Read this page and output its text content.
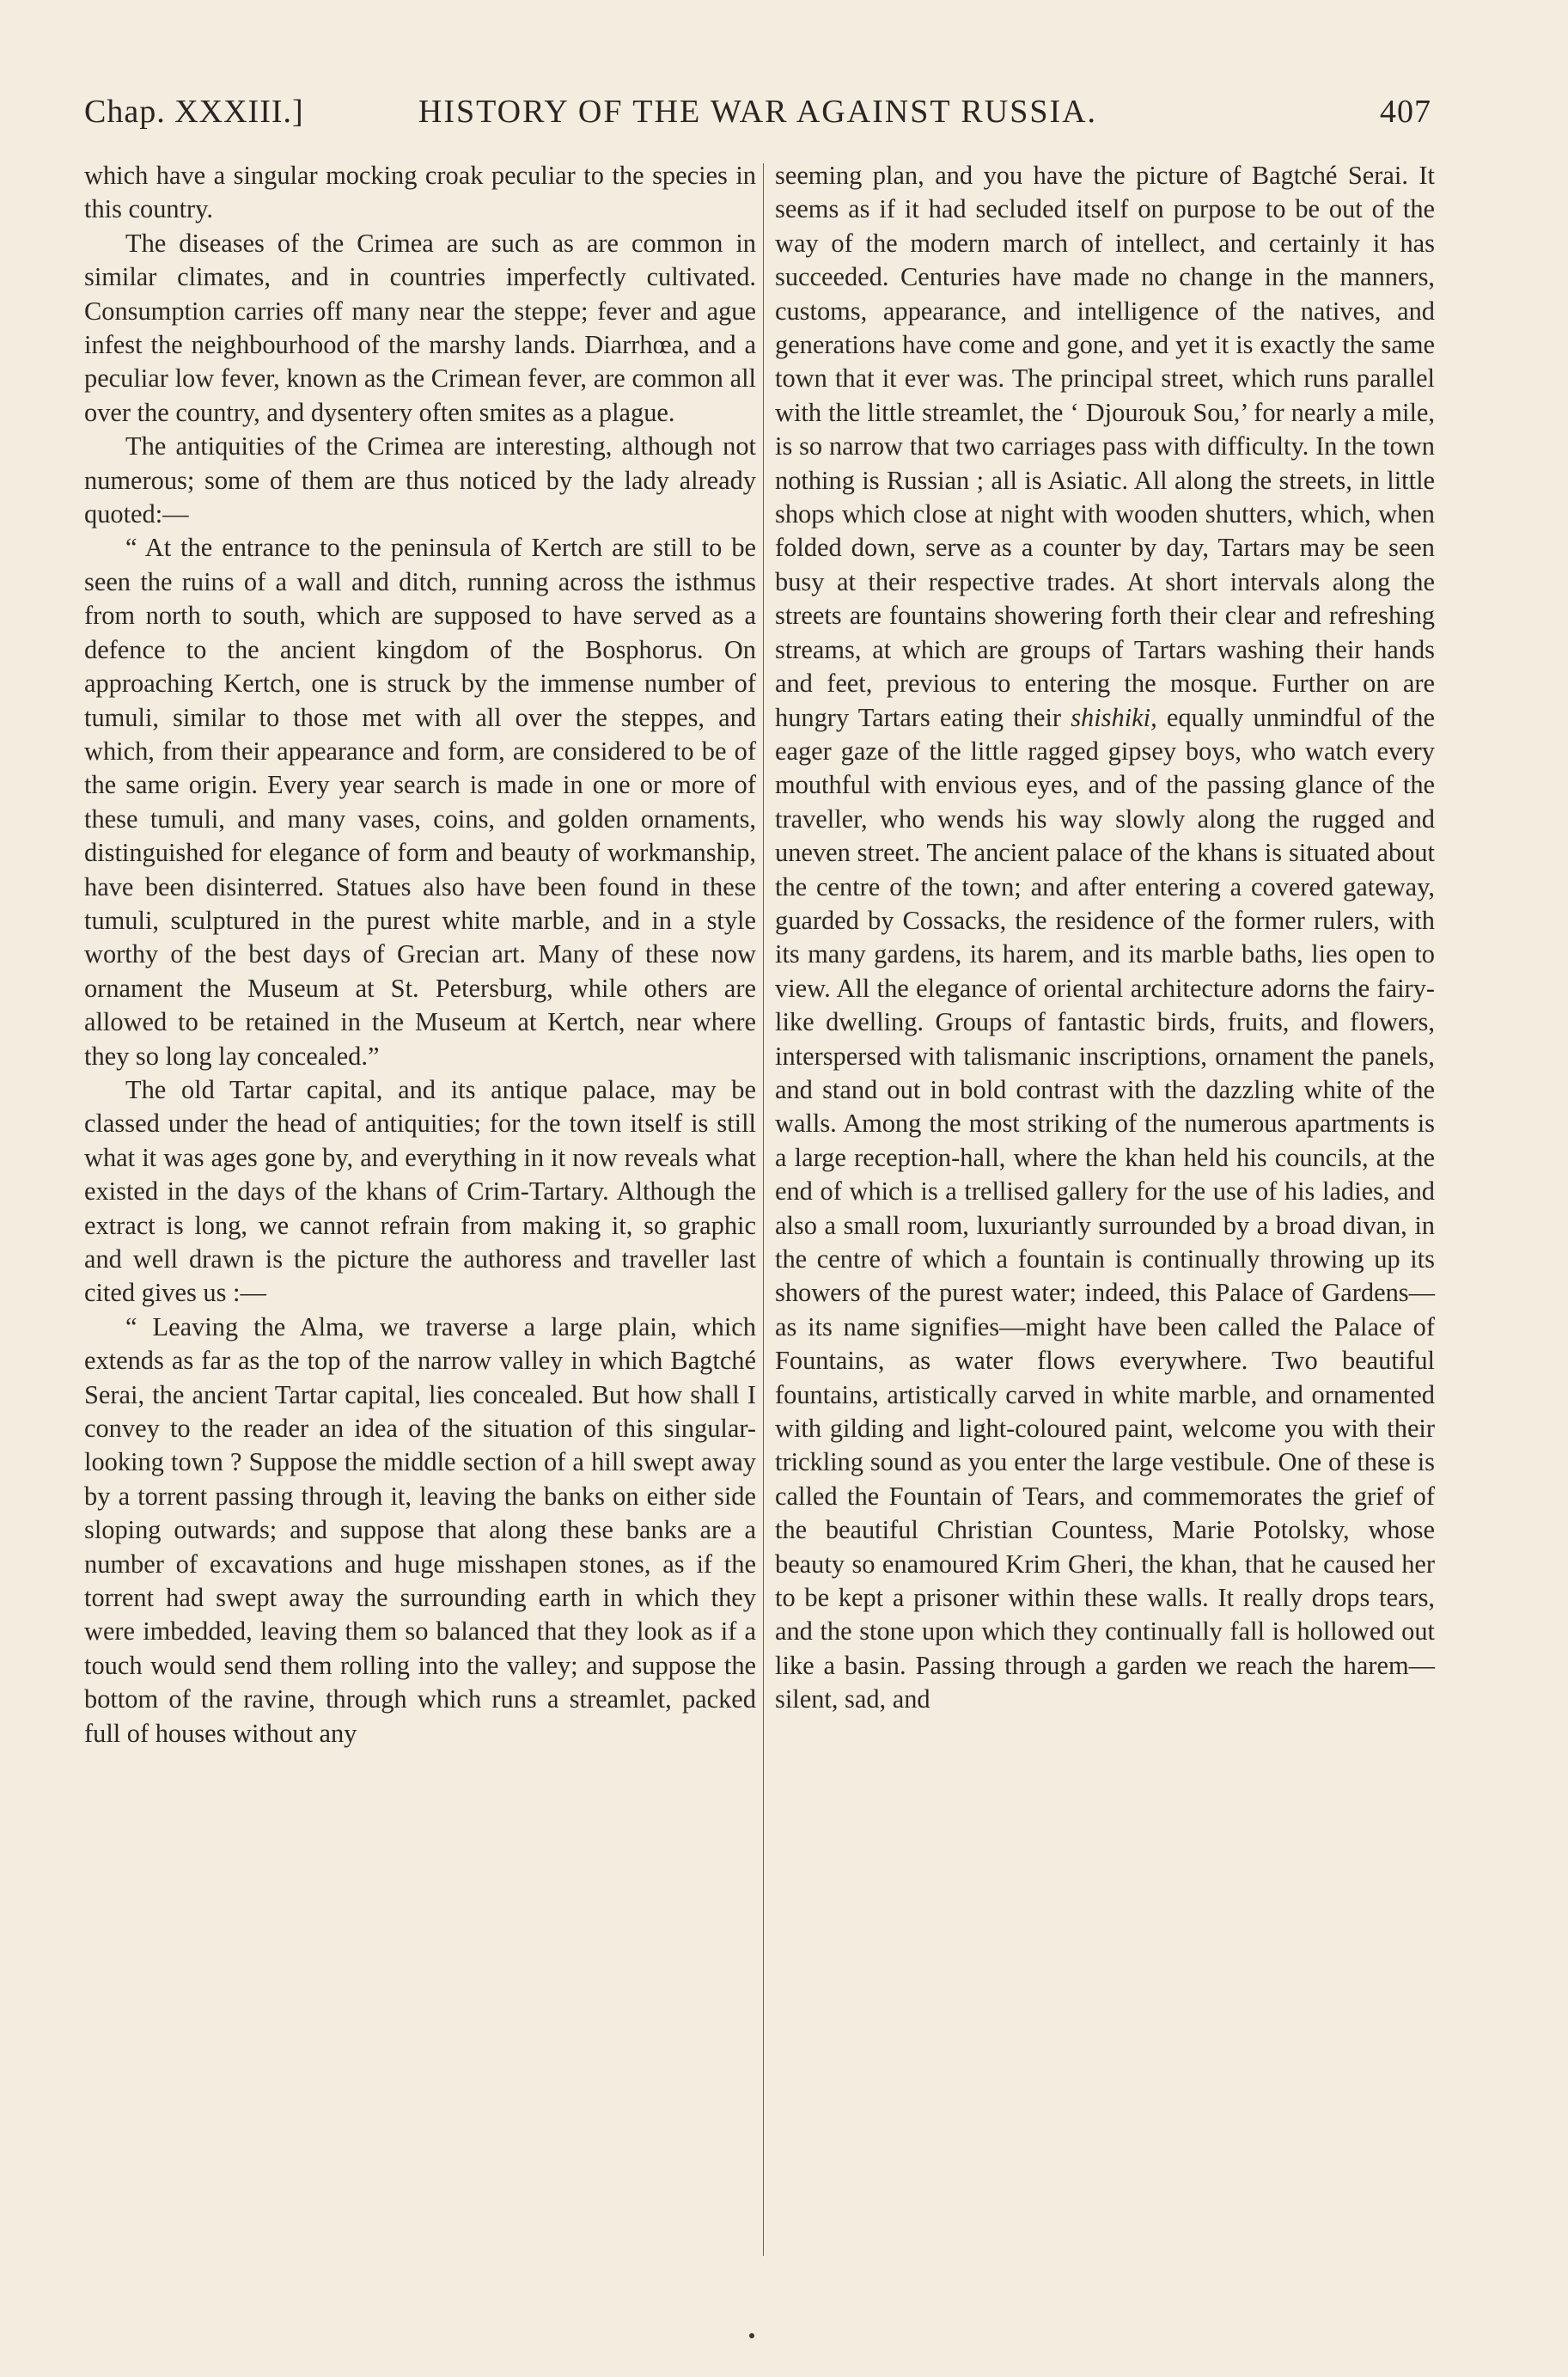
Chap. XXXIII.]	HISTORY OF THE WAR AGAINST RUSSIA.	407

which have a singular mocking croak peculiar to the species in this country.

The diseases of the Crimea are such as are common in similar climates, and in countries imperfectly cultivated. Consumption carries off many near the steppe; fever and ague infest the neighbourhood of the marshy lands. Diarrhœa, and a peculiar low fever, known as the Crimean fever, are common all over the country, and dysentery often smites as a plague.

The antiquities of the Crimea are interesting, although not numerous; some of them are thus noticed by the lady already quoted:—

“ At the entrance to the peninsula of Kertch are still to be seen the ruins of a wall and ditch, running across the isthmus from north to south, which are supposed to have served as a defence to the ancient kingdom of the Bosphorus. On approaching Kertch, one is struck by the immense number of tumuli, similar to those met with all over the steppes, and which, from their appearance and form, are considered to be of the same origin. Every year search is made in one or more of these tumuli, and many vases, coins, and golden ornaments, distinguished for elegance of form and beauty of workmanship, have been disinterred. Statues also have been found in these tumuli, sculptured in the purest white marble, and in a style worthy of the best days of Grecian art. Many of these now ornament the Museum at St. Petersburg, while others are allowed to be retained in the Museum at Kertch, near where they so long lay concealed.”

The old Tartar capital, and its antique palace, may be classed under the head of antiquities; for the town itself is still what it was ages gone by, and everything in it now reveals what existed in the days of the khans of Crim-Tartary. Although the extract is long, we cannot refrain from making it, so graphic and well drawn is the picture the authoress and traveller last cited gives us :—

“ Leaving the Alma, we traverse a large plain, which extends as far as the top of the narrow valley in which Bagtché Serai, the ancient Tartar capital, lies concealed. But how shall I convey to the reader an idea of the situation of this singular-looking town ? Suppose the middle section of a hill swept away by a torrent passing through it, leaving the banks on either side sloping outwards; and suppose that along these banks are a number of excavations and huge misshapen stones, as if the torrent had swept away the surrounding earth in which they were imbedded, leaving them so balanced that they look as if a touch would send them rolling into the valley; and suppose the bottom of the ravine, through which runs a streamlet, packed full of houses without any

seeming plan, and you have the picture of Bagtché Serai. It seems as if it had secluded itself on purpose to be out of the way of the modern march of intellect, and certainly it has succeeded. Centuries have made no change in the manners, customs, appearance, and intelligence of the natives, and generations have come and gone, and yet it is exactly the same town that it ever was. The principal street, which runs parallel with the little streamlet, the ‘ Djourouk Sou,’ for nearly a mile, is so narrow that two carriages pass with difficulty. In the town nothing is Russian ; all is Asiatic. All along the streets, in little shops which close at night with wooden shutters, which, when folded down, serve as a counter by day, Tartars may be seen busy at their respective trades. At short intervals along the streets are fountains showering forth their clear and refreshing streams, at which are groups of Tartars washing their hands and feet, previous to entering the mosque. Further on are hungry Tartars eating their shishiki, equally unmindful of the eager gaze of the little ragged gipsey boys, who watch every mouthful with envious eyes, and of the passing glance of the traveller, who wends his way slowly along the rugged and uneven street. The ancient palace of the khans is situated about the centre of the town; and after entering a covered gateway, guarded by Cossacks, the residence of the former rulers, with its many gardens, its harem, and its marble baths, lies open to view. All the elegance of oriental architecture adorns the fairy-like dwelling. Groups of fantastic birds, fruits, and flowers, interspersed with talismanic inscriptions, ornament the panels, and stand out in bold contrast with the dazzling white of the walls. Among the most striking of the numerous apartments is a large reception-hall, where the khan held his councils, at the end of which is a trellised gallery for the use of his ladies, and also a small room, luxuriantly surrounded by a broad divan, in the centre of which a fountain is continually throwing up its showers of the purest water; indeed, this Palace of Gardens—as its name signifies—might have been called the Palace of Fountains, as water flows everywhere. Two beautiful fountains, artistically carved in white marble, and ornamented with gilding and light-coloured paint, welcome you with their trickling sound as you enter the large vestibule. One of these is called the Fountain of Tears, and commemorates the grief of the beautiful Christian Countess, Marie Potolsky, whose beauty so enamoured Krim Gheri, the khan, that he caused her to be kept a prisoner within these walls. It really drops tears, and the stone upon which they continually fall is hollowed out like a basin. Passing through a garden we reach the harem—silent, sad, and
